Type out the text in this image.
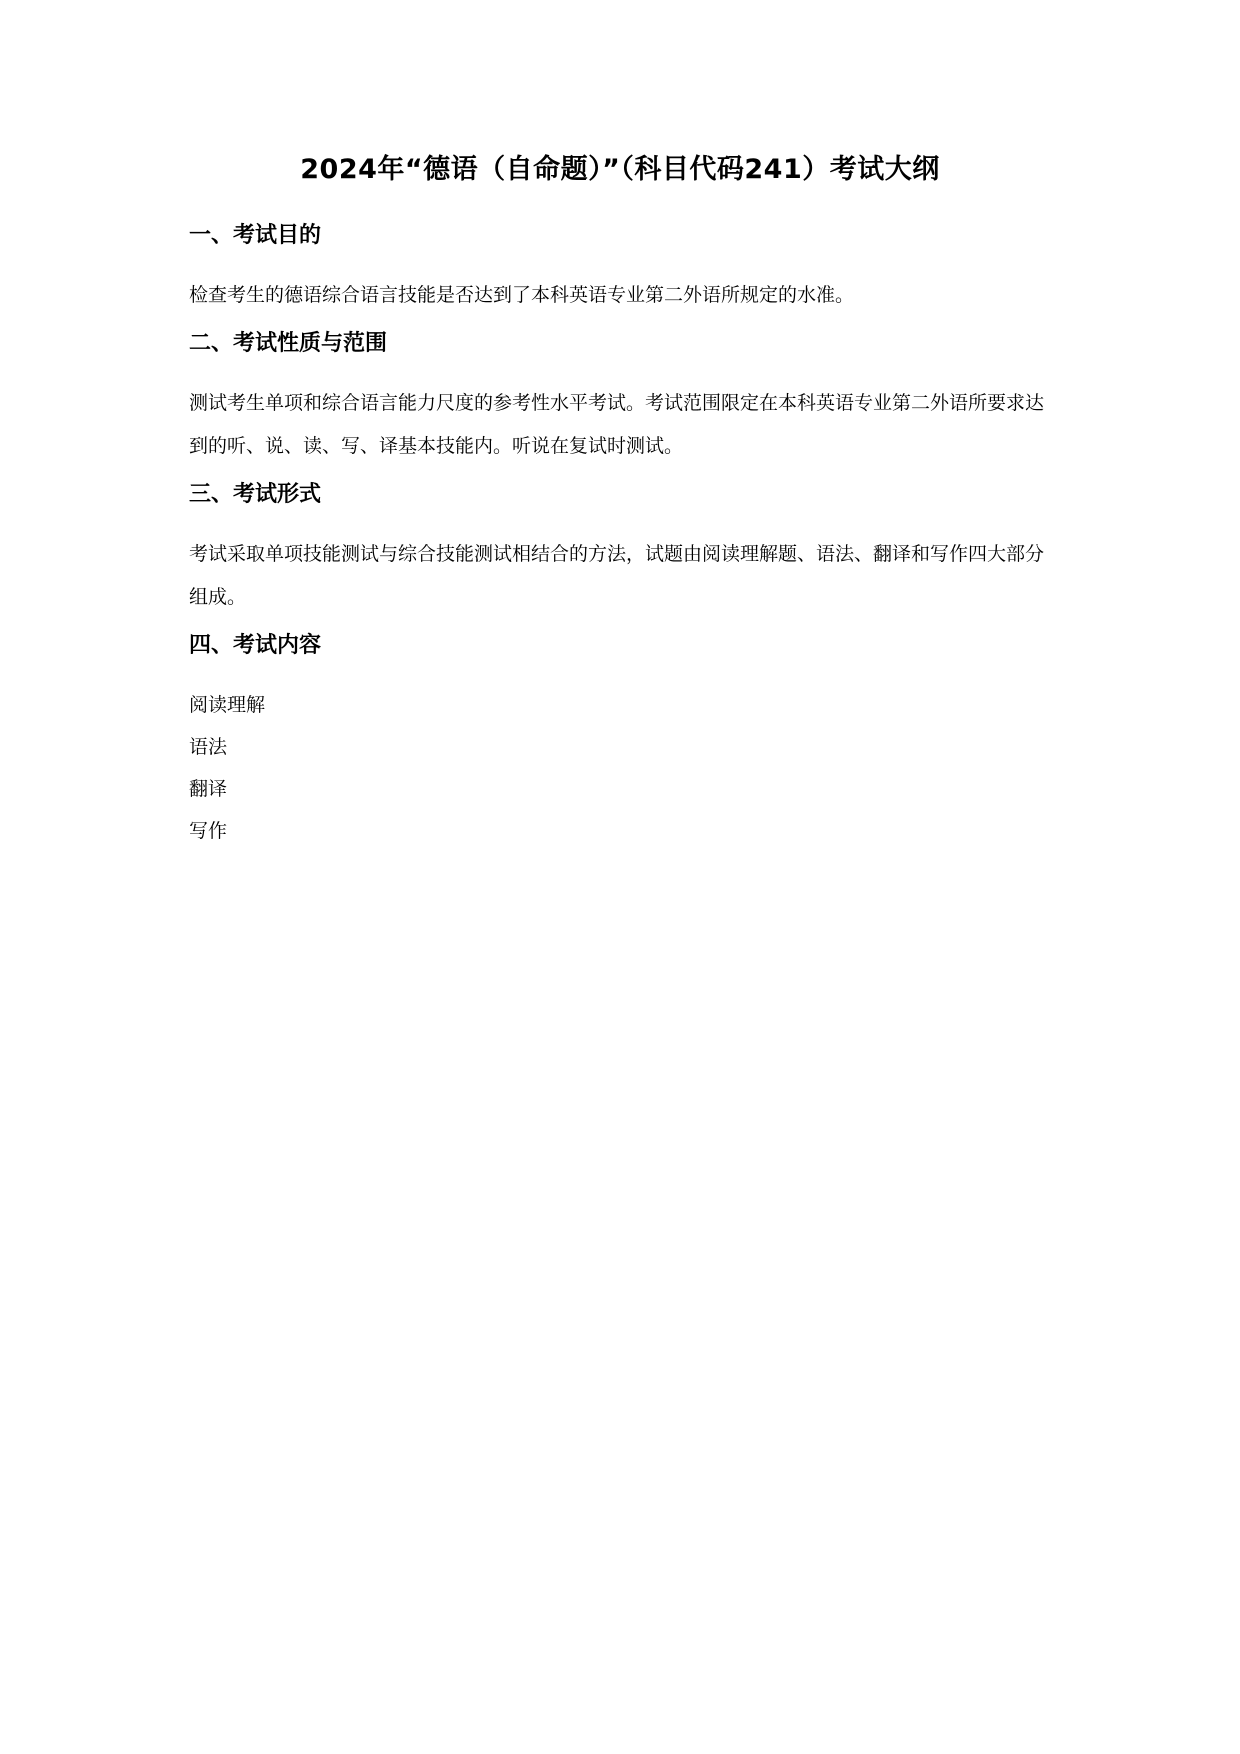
2024年“德语（自命题）”（科目代码241）考试大纲

一、考试目的

检查考生的德语综合语言技能是否达到了本科英语专业第二外语所规定的水准。

二、考试性质与范围

测试考生单项和综合语言能力尺度的参考性水平考试。考试范围限定在本科英语专业第二外语所要求达到的听、说、读、写、译基本技能内。听说在复试时测试。

三、考试形式

考试采取单项技能测试与综合技能测试相结合的方法，试题由阅读理解题、语法、翻译和写作四大部分组成。

四、考试内容

阅读理解

语法

翻译

写作
